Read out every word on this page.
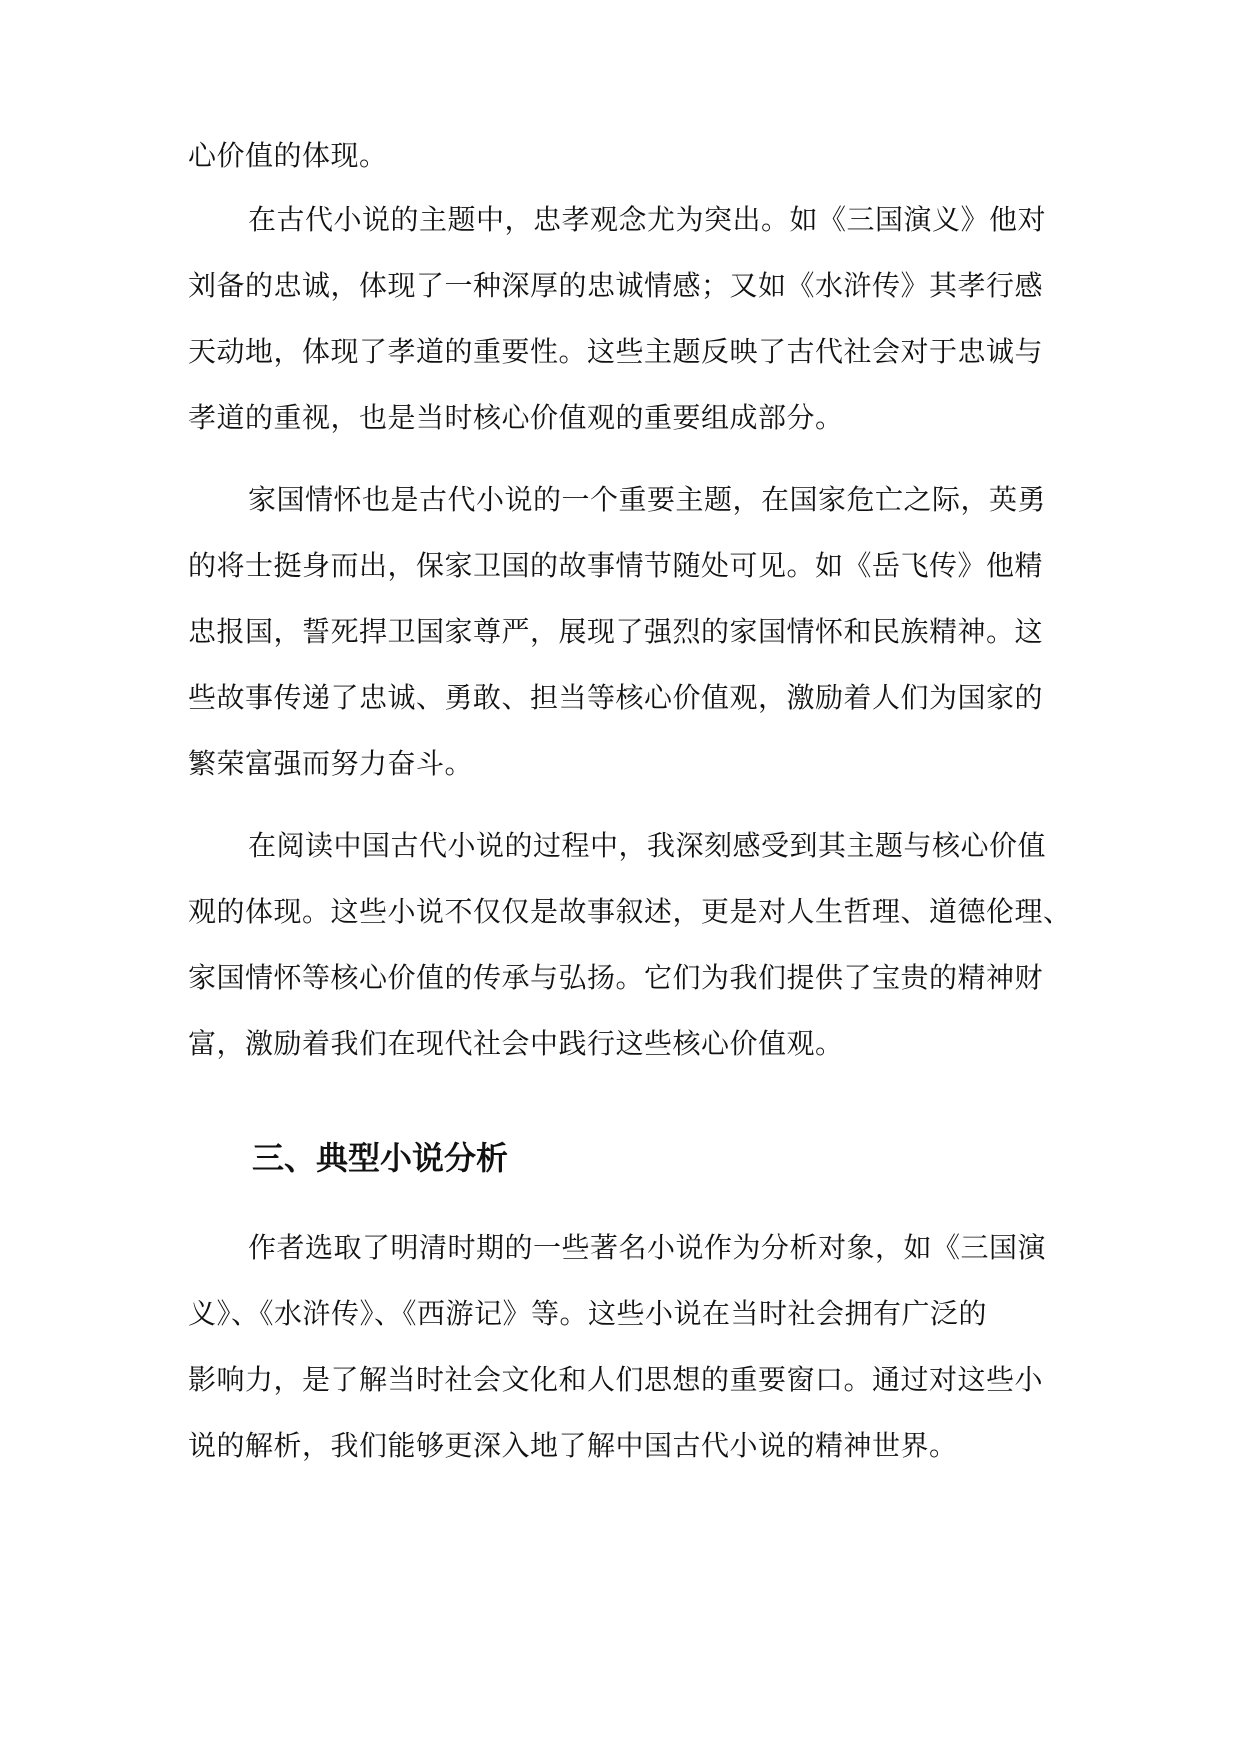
心价值的体现。
在古代小说的主题中，忠孝观念尤为突出。如《三国演义》他对
刘备的忠诚，体现了一种深厚的忠诚情感；又如《水浒传》其孝行感
天动地，体现了孝道的重要性。这些主题反映了古代社会对于忠诚与
孝道的重视，也是当时核心价值观的重要组成部分。
家国情怀也是古代小说的一个重要主题，在国家危亡之际，英勇
的将士挺身而出，保家卫国的故事情节随处可见。如《岳飞传》他精
忠报国，誓死捍卫国家尊严，展现了强烈的家国情怀和民族精神。这
些故事传递了忠诚、勇敢、担当等核心价值观，激励着人们为国家的
繁荣富强而努力奋斗。
在阅读中国古代小说的过程中，我深刻感受到其主题与核心价值
观的体现。这些小说不仅仅是故事叙述，更是对人生哲理、道德伦理、
家国情怀等核心价值的传承与弘扬。它们为我们提供了宝贵的精神财
富，激励着我们在现代社会中践行这些核心价值观。
三、典型小说分析
作者选取了明清时期的一些著名小说作为分析对象，如《三国演
义》、《水浒传》、《西游记》等。这些小说在当时社会拥有广泛的
影响力，是了解当时社会文化和人们思想的重要窗口。通过对这些小
说的解析，我们能够更深入地了解中国古代小说的精神世界。
